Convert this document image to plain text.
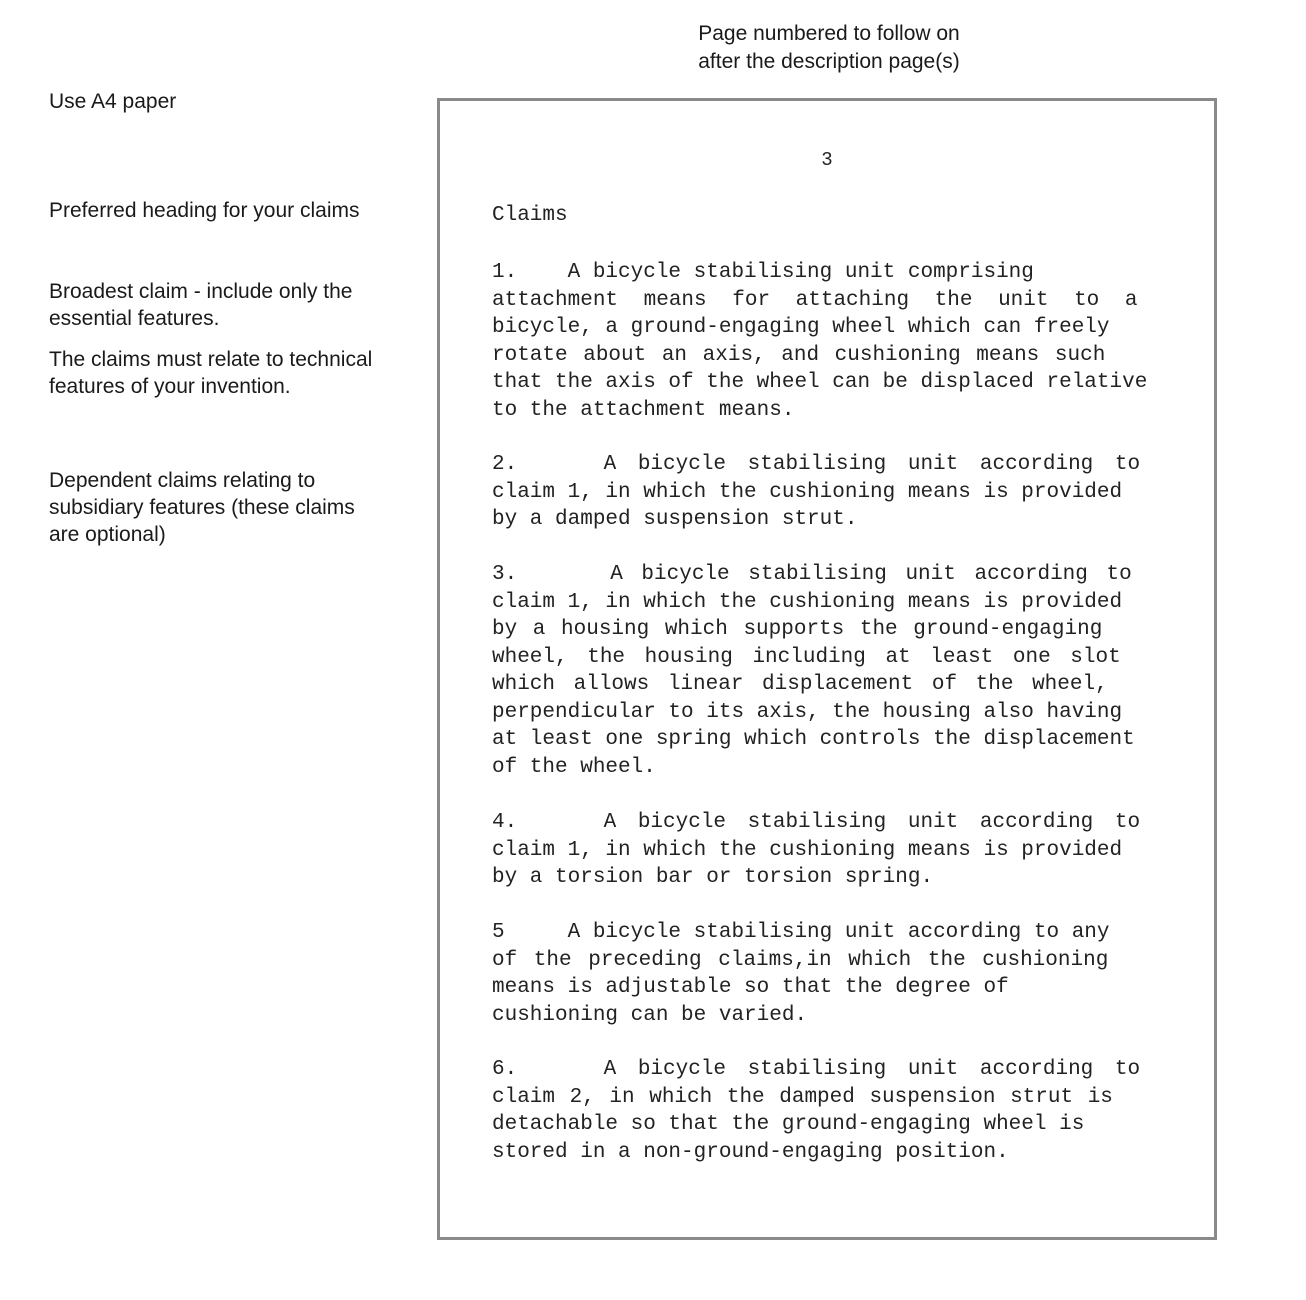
Page numbered to follow on
after the description page(s)
Use A4 paper
Preferred heading for your claims
Broadest claim - include only the
essential features.
The claims must relate to technical
features of your invention.
Dependent claims relating to
subsidiary features (these claims
are optional)
3
Claims
1.    A bicycle stabilising unit comprising
attachment means for attaching the unit to a
bicycle, a ground-engaging wheel which can freely
rotate about an axis, and cushioning means such
that the axis of the wheel can be displaced relative
to the attachment means.
2.    A bicycle stabilising unit according to
claim 1, in which the cushioning means is provided
by a damped suspension strut.
3.     A bicycle stabilising unit according to
claim 1, in which the cushioning means is provided
by a housing which supports the ground-engaging
wheel, the housing including at least one slot
which allows linear displacement of the wheel,
perpendicular to its axis, the housing also having
at least one spring which controls the displacement
of the wheel.
4.    A bicycle stabilising unit according to
claim 1, in which the cushioning means is provided
by a torsion bar or torsion spring.
5     A bicycle stabilising unit according to any
of the preceding claims,in which the cushioning
means is adjustable so that the degree of
cushioning can be varied.
6.    A bicycle stabilising unit according to
claim 2, in which the damped suspension strut is
detachable so that the ground-engaging wheel is
stored in a non-ground-engaging position.
